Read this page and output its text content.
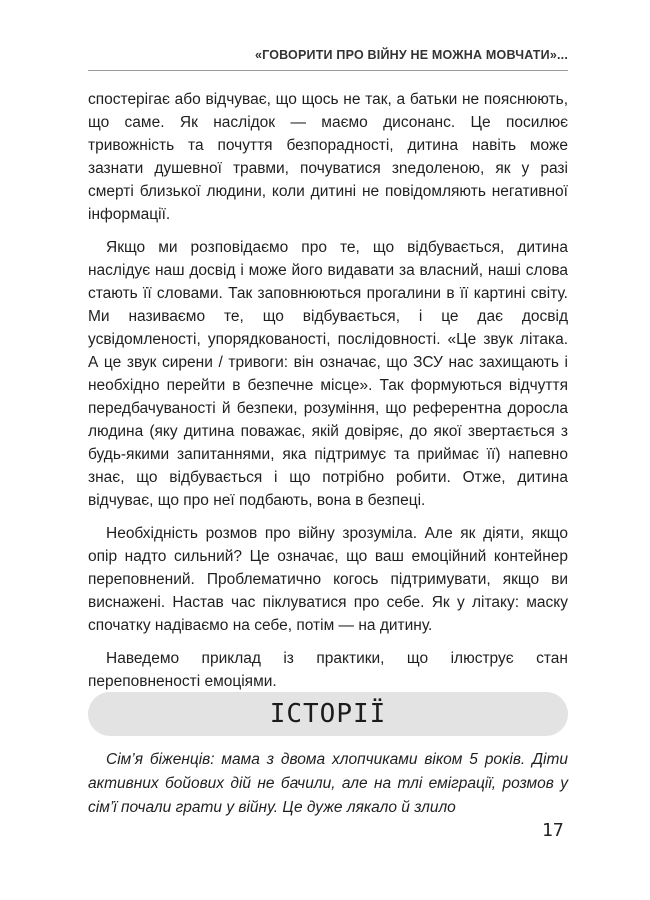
«ГОВОРИТИ ПРО ВІЙНУ НЕ МОЖНА МОВЧАТИ»...

спостерігає або відчуває, що щось не так, а батьки не пояснюють, що саме. Як наслідок — маємо дисонанс. Це посилює тривожність та почуття безпорадності, дитина навіть може зазнати душевної травми, почуватися зneдоленою, як у разі смерті близької людини, коли дитині не повідомляють негативної інформації.

Якщо ми розповідаємо про те, що відбувається, дитина наслідує наш досвід і може його видавати за власний, наші слова стають її словами. Так заповнюються прогалини в її картині світу. Ми називаємо те, що відбувається, і це дає досвід усвідомленості, упорядкованості, послідовності. «Це звук літака. А це звук сирени / тривоги: він означає, що ЗСУ нас захищають і необхідно перейти в безпечне місце». Так формуються відчуття передбачуваності й безпеки, розуміння, що референтна доросла людина (яку дитина поважає, якій довіряє, до якої звертається з будь-якими запитаннями, яка підтримує та приймає її) напевно знає, що відбувається і що потрібно робити. Отже, дитина відчуває, що про неї подбають, вона в безпеці.

Необхідність розмов про війну зрозуміла. Але як діяти, якщо опір надто сильний? Це означає, що ваш емоційний контейнер переповнений. Проблематично когось підтримувати, якщо ви виснажені. Настав час піклуватися про себе. Як у літаку: маску спочатку надіваємо на себе, потім — на дитину.

Наведемо приклад із практики, що ілюструє стан переповненості емоціями.

ІСТОРІЇ

Сім’я біженців: мама з двома хлопчиками віком 5 років. Діти активних бойових дій не бачили, але на тлі еміграції, розмов у сім’ї почали грати у війну. Це дуже лякало й злило

17
